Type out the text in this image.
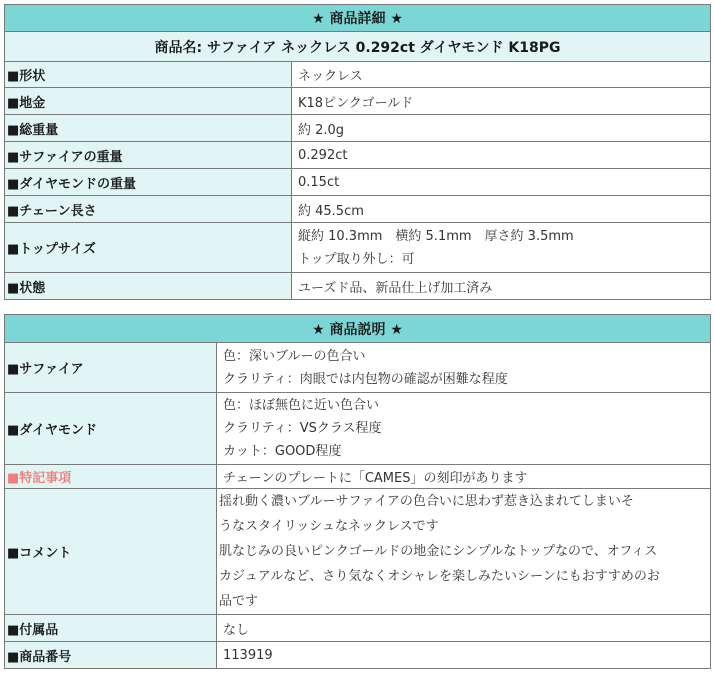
★ 商品詳細 ★	
商品名: サファイア ネックレス 0.292ct ダイヤモンド K18PG	
■形状	ネックレス
■地金	K18ピンクゴールド
■総重量	約 2.0g
■サファイアの重量	0.292ct
■ダイヤモンドの重量	0.15ct
■チェーン長さ	約 45.5cm
■トップサイズ	縦約 10.3mm　横約 5.1mm　厚さ約 3.5mm
トップ取り外し：可

■状態	ユーズド品、新品仕上げ加工済み
★ 商品説明 ★	
■サファイア	色：深いブルーの色合い
クラリティ：肉眼では内包物の確認が困難な程度

■ダイヤモンド	色：ほぼ無色に近い色合い
クラリティ：VSクラス程度
カット：GOOD程度

■特記事項	チェーンのプレートに「CAMES」の刻印があります
■コメント	揺れ動く濃いブルーサファイアの色合いに思わず惹き込まれてしまいそ
うなスタイリッシュなネックレスです
肌なじみの良いピンクゴールドの地金にシンプルなトップなので、オフィス
カジュアルなど、さり気なくオシャレを楽しみたいシーンにもおすすめのお
品です

■付属品	なし
■商品番号	113919
